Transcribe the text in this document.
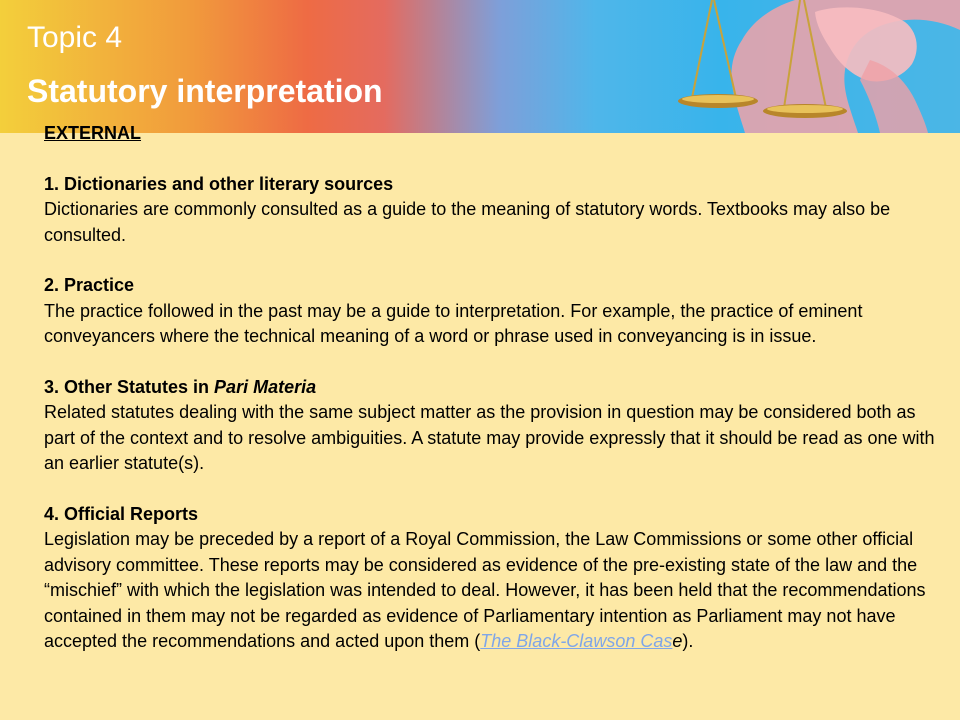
Topic 4
Statutory interpretation
EXTERNAL
1. Dictionaries and other literary sources

Dictionaries are commonly consulted as a guide to the meaning of statutory words. Textbooks may also be consulted.

2. Practice

The practice followed in the past may be a guide to interpretation. For example, the practice of eminent conveyancers where the technical meaning of a word or phrase used in conveyancing is in issue.

3. Other Statutes in Pari Materia

Related statutes dealing with the same subject matter as the provision in question may be considered both as part of the context and to resolve ambiguities. A statute may provide expressly that it should be read as one with an earlier statute(s).

4. Official Reports

Legislation may be preceded by a report of a Royal Commission, the Law Commissions or some other official advisory committee. These reports may be considered as evidence of the pre-existing state of the law and the “mischief” with which the legislation was intended to deal. However, it has been held that the recommendations contained in them may not be regarded as evidence of Parliamentary intention as Parliament may not have accepted the recommendations and acted upon them (The Black-Clawson Case).
